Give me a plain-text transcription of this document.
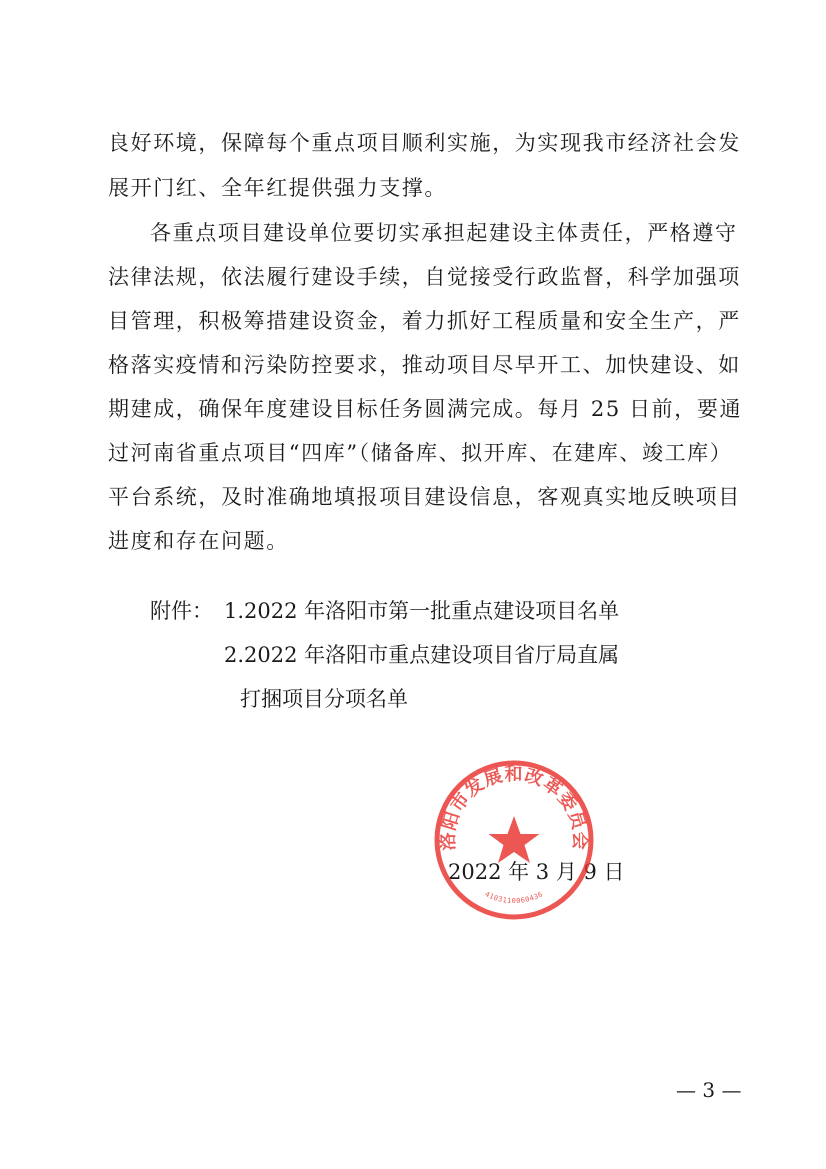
良好环境，保障每个重点项目顺利实施，为实现我市经济社会发
展开门红、全年红提供强力支撑。
各重点项目建设单位要切实承担起建设主体责任，严格遵守
法律法规，依法履行建设手续，自觉接受行政监督，科学加强项
目管理，积极筹措建设资金，着力抓好工程质量和安全生产，严
格落实疫情和污染防控要求，推动项目尽早开工、加快建设、如
期建成，确保年度建设目标任务圆满完成。每月 25 日前，要通
过河南省重点项目“四库”（储备库、拟开库、在建库、竣工库）
平台系统，及时准确地填报项目建设信息，客观真实地反映项目
进度和存在问题。
附件： 1.2022 年洛阳市第一批重点建设项目名单
2.2022 年洛阳市重点建设项目省厅局直属
打捆项目分项名单
2022 年 3 月 9 日
洛阳市发展和改革委员会
4103110060436
— 3 —
